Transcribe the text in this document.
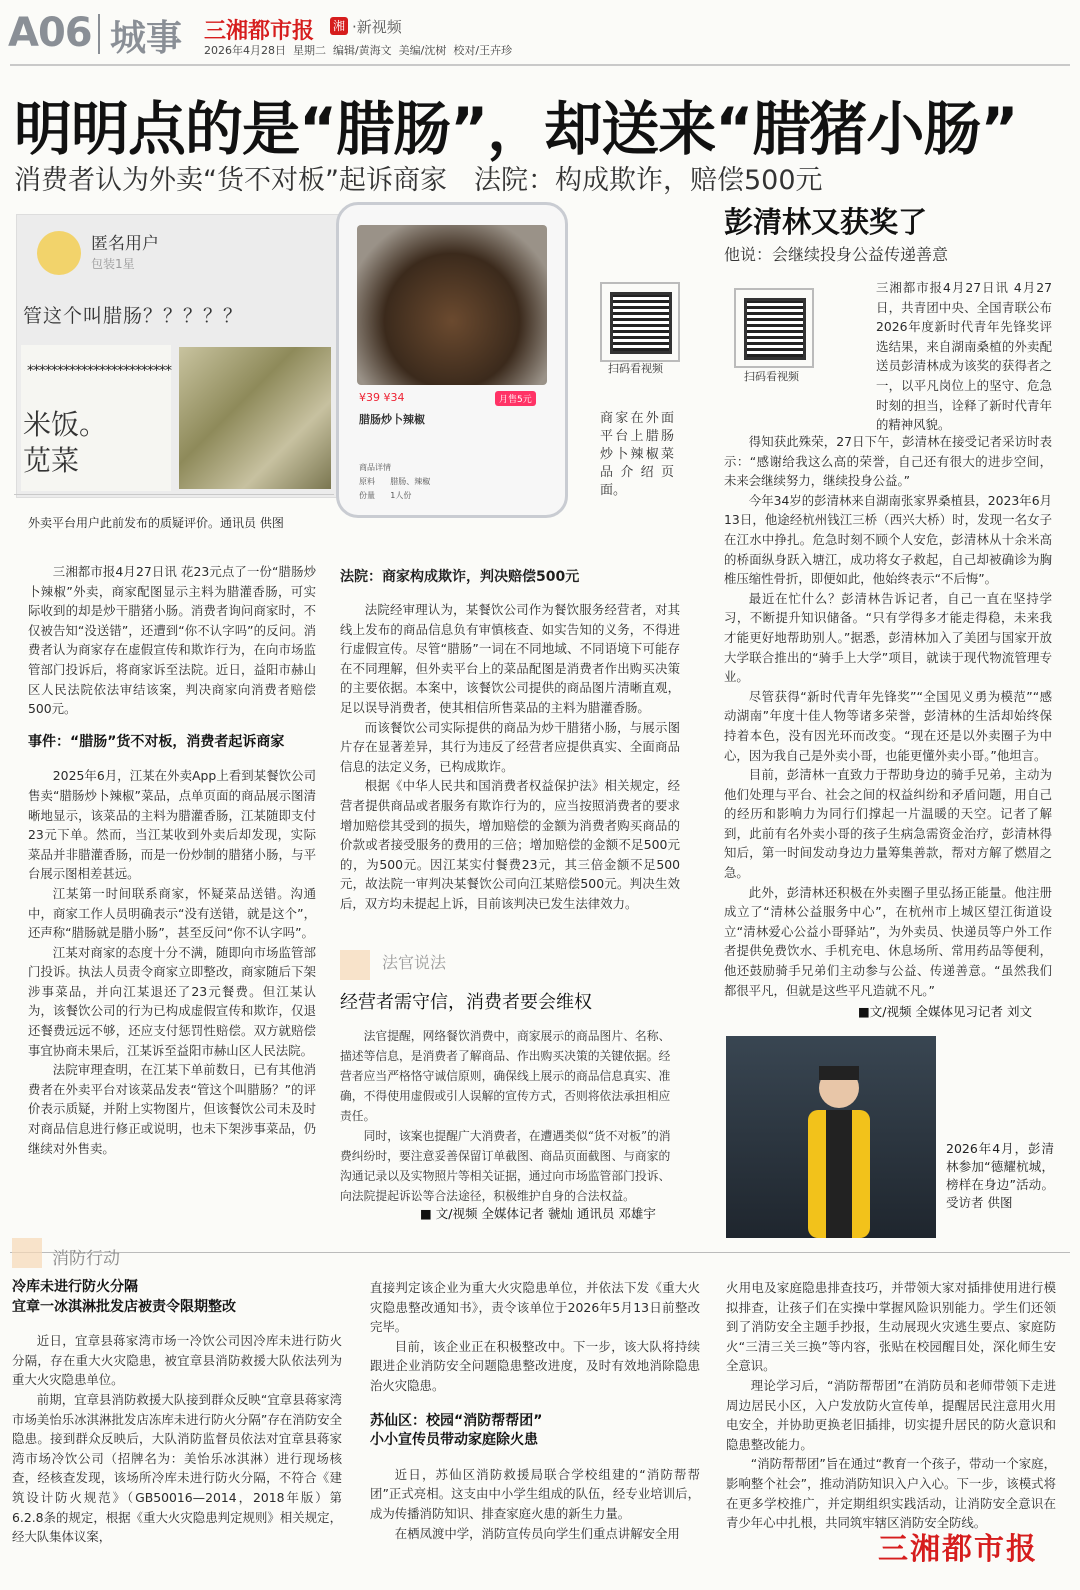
A06 城事 三湘都市报 湘 ·新视频
2026年4月28日  星期二  编辑/黄海文  美编/沈树  校对/王卉珍
明明点的是“腊肠”，却送来“腊猪小肠”
消费者认为外卖“货不对板”起诉商家　法院：构成欺诈，赔偿500元
匿名用户
包装1星
管这个叫腊肠？？？？？
************************
米饭。
苋菜
外卖平台用户此前发布的质疑评价。通讯员 供图
¥39 ¥34	月售5元
腊肠炒卜辣椒
商品详情
原料      腊肠、辣椒
份量      1人份
扫码看视频
商家在外面平台上腊肠炒卜辣椒菜品介绍页面。

三湘都市报4月27日讯 花23元点了一份“腊肠炒卜辣椒”外卖，商家配图显示主料为腊灌香肠，可实际收到的却是炒干腊猪小肠。消费者询问商家时，不仅被告知“没送错”，还遭到“你不认字吗”的反问。消费者认为商家存在虚假宣传和欺诈行为，在向市场监管部门投诉后，将商家诉至法院。近日，益阳市赫山区人民法院依法审结该案，判决商家向消费者赔偿500元。

事件：“腊肠”货不对板，消费者起诉商家

2025年6月，江某在外卖App上看到某餐饮公司售卖“腊肠炒卜辣椒”菜品，点单页面的商品展示图清晰地显示，该菜品的主料为腊灌香肠，江某随即支付23元下单。然而，当江某收到外卖后却发现，实际菜品并非腊灌香肠，而是一份炒制的腊猪小肠，与平台展示图相差甚远。

江某第一时间联系商家，怀疑菜品送错。沟通中，商家工作人员明确表示“没有送错，就是这个”，还声称“腊肠就是腊小肠”，甚至反问“你不认字吗”。

江某对商家的态度十分不满，随即向市场监管部门投诉。执法人员责令商家立即整改，商家随后下架涉事菜品，并向江某退还了23元餐费。但江某认为，该餐饮公司的行为已构成虚假宣传和欺诈，仅退还餐费远远不够，还应支付惩罚性赔偿。双方就赔偿事宜协商未果后，江某诉至益阳市赫山区人民法院。

法院审理查明，在江某下单前数日，已有其他消费者在外卖平台对该菜品发表“管这个叫腊肠？”的评价表示质疑，并附上实物图片，但该餐饮公司未及时对商品信息进行修正或说明，也未下架涉事菜品，仍继续对外售卖。

法院：商家构成欺诈，判决赔偿500元

法院经审理认为，某餐饮公司作为餐饮服务经营者，对其线上发布的商品信息负有审慎核查、如实告知的义务，不得进行虚假宣传。尽管“腊肠”一词在不同地域、不同语境下可能存在不同理解，但外卖平台上的菜品配图是消费者作出购买决策的主要依据。本案中，该餐饮公司提供的商品图片清晰直观，足以误导消费者，使其相信所售菜品的主料为腊灌香肠。

而该餐饮公司实际提供的商品为炒干腊猪小肠，与展示图片存在显著差异，其行为违反了经营者应提供真实、全面商品信息的法定义务，已构成欺诈。

根据《中华人民共和国消费者权益保护法》相关规定，经营者提供商品或者服务有欺诈行为的，应当按照消费者的要求增加赔偿其受到的损失，增加赔偿的金额为消费者购买商品的价款或者接受服务的费用的三倍；增加赔偿的金额不足500元的，为500元。因江某实付餐费23元，其三倍金额不足500元，故法院一审判决某餐饮公司向江某赔偿500元。判决生效后，双方均未提起上诉，目前该判决已发生法律效力。

法官说法
经营者需守信，消费者要会维权

法官提醒，网络餐饮消费中，商家展示的商品图片、名称、描述等信息，是消费者了解商品、作出购买决策的关键依据。经营者应当严格恪守诚信原则，确保线上展示的商品信息真实、准确，不得使用虚假或引人误解的宣传方式，否则将依法承担相应责任。

同时，该案也提醒广大消费者，在遭遇类似“货不对板”的消费纠纷时，要注意妥善保留订单截图、商品页面截图、与商家的沟通记录以及实物照片等相关证据，通过向市场监管部门投诉、向法院提起诉讼等合法途径，积极维护自身的合法权益。

■ 文/视频 全媒体记者 虢灿 通讯员 邓雄宇
彭清林又获奖了
他说：会继续投身公益传递善意
扫码看视频

三湘都市报4月27日讯 4月27日，共青团中央、全国青联公布2026年度新时代青年先锋奖评选结果，来自湖南桑植的外卖配送员彭清林成为该奖的获得者之一，以平凡岗位上的坚守、危急时刻的担当，诠释了新时代青年的精神风貌。

得知获此殊荣，27日下午，彭清林在接受记者采访时表示：“感谢给我这么高的荣誉，自己还有很大的进步空间，未来会继续努力，继续投身公益。”

今年34岁的彭清林来自湖南张家界桑植县，2023年6月13日，他途经杭州钱江三桥（西兴大桥）时，发现一名女子在江水中挣扎。危急时刻不顾个人安危，彭清林从十余米高的桥面纵身跃入塘江，成功将女子救起，自己却被确诊为胸椎压缩性骨折，即便如此，他始终表示“不后悔”。

最近在忙什么？彭清林告诉记者，自己一直在坚持学习，不断提升知识储备。“只有学得多才能走得稳，未来我才能更好地帮助别人。”据悉，彭清林加入了美团与国家开放大学联合推出的“骑手上大学”项目，就读于现代物流管理专业。

尽管获得“新时代青年先锋奖”“全国见义勇为模范”“感动湖南”年度十佳人物等诸多荣誉，彭清林的生活却始终保持着本色，没有因光环而改变。“现在还是以外卖圈子为中心，因为我自己是外卖小哥，也能更懂外卖小哥。”他坦言。

目前，彭清林一直致力于帮助身边的骑手兄弟，主动为他们处理与平台、社会之间的权益纠纷和矛盾问题，用自己的经历和影响力为同行们撑起一片温暖的天空。记者了解到，此前有名外卖小哥的孩子生病急需资金治疗，彭清林得知后，第一时间发动身边力量筹集善款，帮对方解了燃眉之急。

此外，彭清林还积极在外卖圈子里弘扬正能量。他注册成立了“清林公益服务中心”，在杭州市上城区望江街道设立“清林爱心公益小哥驿站”，为外卖员、快递员等户外工作者提供免费饮水、手机充电、休息场所、常用药品等便利，他还鼓励骑手兄弟们主动参与公益、传递善意。“虽然我们都很平凡，但就是这些平凡造就不凡。”

■文/视频 全媒体见习记者 刘文
2026年4月，彭清林参加“德耀杭城，榜样在身边”活动。受访者 供图
消防行动

冷库未进行防火分隔

宜章一冰淇淋批发店被责令限期整改

近日，宜章县蒋家湾市场一冷饮公司因冷库未进行防火分隔，存在重大火灾隐患，被宜章县消防救援大队依法列为重大火灾隐患单位。

前期，宜章县消防救援大队接到群众反映“宜章县蒋家湾市场美怡乐冰淇淋批发店冻库未进行防火分隔”存在消防安全隐患。接到群众反映后，大队消防监督员依法对宜章县蒋家湾市场冷饮公司（招牌名为：美怡乐冰淇淋）进行现场核查，经核查发现，该场所冷库未进行防火分隔，不符合《建筑设计防火规范》（GB50016—2014，2018年版）第6.2.8条的规定，根据《重大火灾隐患判定规则》相关规定，经大队集体议案，

直接判定该企业为重大火灾隐患单位，并依法下发《重大火灾隐患整改通知书》，责令该单位于2026年5月13日前整改完毕。

目前，该企业正在积极整改中。下一步，该大队将持续跟进企业消防安全问题隐患整改进度，及时有效地消除隐患治火灾隐患。

苏仙区：校园“消防帮帮团”

小小宣传员带动家庭除火患

近日，苏仙区消防救援局联合学校组建的“消防帮帮团”正式亮相。这支由中小学生组成的队伍，经专业培训后，成为传播消防知识、排查家庭火患的新生力量。

在栖凤渡中学，消防宣传员向学生们重点讲解安全用

火用电及家庭隐患排查技巧，并带领大家对插排使用进行模拟排查，让孩子们在实操中掌握风险识别能力。学生们还领到了消防安全主题手抄报，生动展现火灾逃生要点、家庭防火“三清三关三换”等内容，张贴在校园醒目处，深化师生安全意识。

理论学习后，“消防帮帮团”在消防员和老师带领下走进周边居民小区，入户发放防火宣传单，提醒居民注意用火用电安全，并协助更换老旧插排，切实提升居民的防火意识和隐患整改能力。

“消防帮帮团”旨在通过“教育一个孩子，带动一个家庭，影响整个社会”，推动消防知识入户入心。下一步，该模式将在更多学校推广，并定期组织实践活动，让消防安全意识在青少年心中扎根，共同筑牢辖区消防安全防线。

三湘都市报
